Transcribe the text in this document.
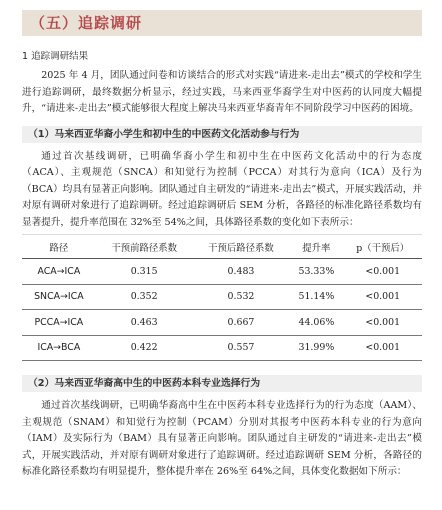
（五）追踪调研
1 追踪调研结果

2025 年 4 月，团队通过问卷和访谈结合的形式对实践“请进来-走出去”模式的学校和学生进行追踪调研，最终数据分析显示，经过实践，马来西亚华裔学生对中医药的认同度大幅提升，“请进来-走出去”模式能够很大程度上解决马来西亚华裔青年不同阶段学习中医药的困境。

（1）马来西亚华裔小学生和初中生的中医药文化活动参与行为

通过首次基线调研，已明确华裔小学生和初中生在中医药文化活动中的行为态度（ACA）、主观规范（SNCA）和知觉行为控制（PCCA）对其行为意向（ICA）及行为（BCA）均具有显著正向影响。团队通过自主研发的“请进来-走出去”模式，开展实践活动，并对原有调研对象进行了追踪调研。经过追踪调研后 SEM 分析，各路径的标准化路径系数均有显著提升，提升率范围在 32%至 54%之间，具体路径系数的变化如下表所示：

路径	干预前路径系数	干预后路径系数	提升率	p（干预后）
ACA→ICA	0.315	0.483	53.33%	<0.001
SNCA→ICA	0.352	0.532	51.14%	<0.001
PCCA→ICA	0.463	0.667	44.06%	<0.001
ICA→BCA	0.422	0.557	31.99%	<0.001
（2）马来西亚华裔高中生的中医药本科专业选择行为

通过首次基线调研，已明确华裔高中生在中医药本科专业选择行为的行为态度（AAM）、主观规范（SNAM）和知觉行为控制（PCAM）分别对其报考中医药本科专业的行为意向（IAM）及实际行为（BAM）具有显著正向影响。团队通过自主研发的“请进来-走出去”模式，开展实践活动，并对原有调研对象进行了追踪调研。经过追踪调研 SEM 分析，各路径的标准化路径系数均有明显提升，整体提升率在 26%至 64%之间，具体变化数据如下所示：
